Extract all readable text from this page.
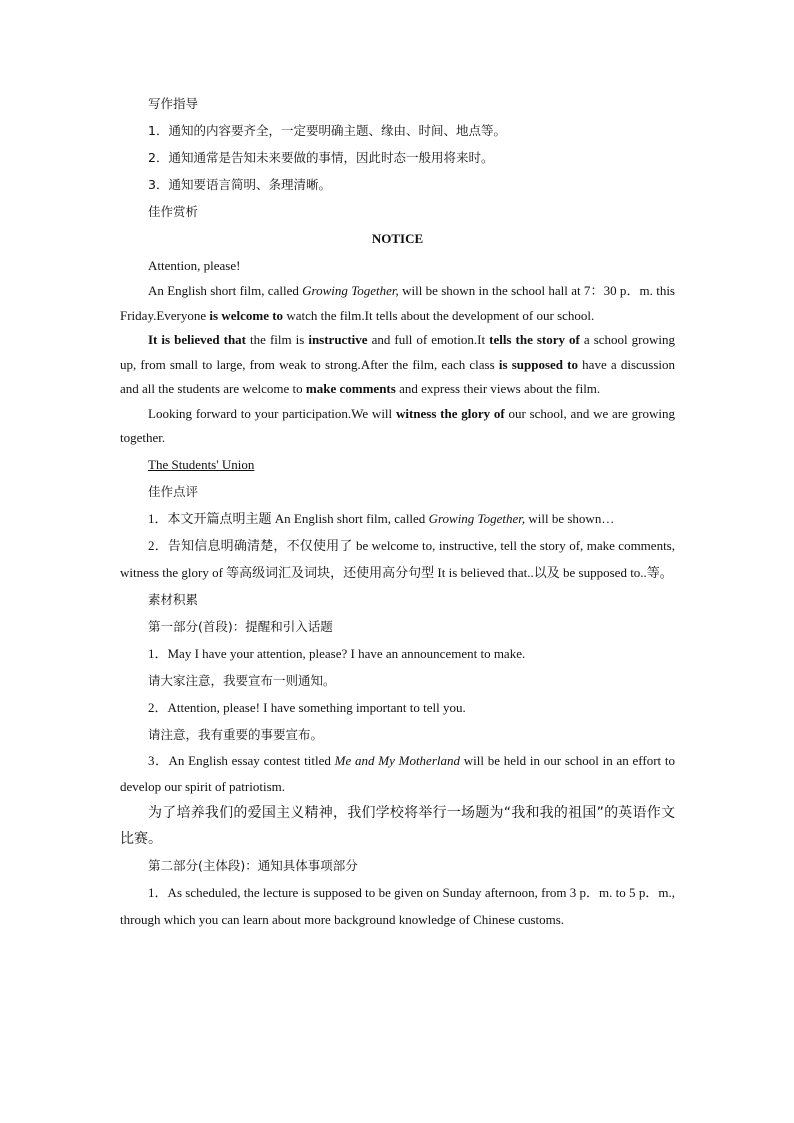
写作指导

1．通知的内容要齐全，一定要明确主题、缘由、时间、地点等。

2．通知通常是告知未来要做的事情，因此时态一般用将来时。

3．通知要语言简明、条理清晰。

佳作赏析

NOTICE

Attention, please!

An English short film, called Growing Together, will be shown in the school hall at 7：30 p．m. this Friday.Everyone is welcome to watch the film.It tells about the development of our school.

It is believed that the film is instructive and full of emotion.It tells the story of a school growing up, from small to large, from weak to strong.After the film, each class is supposed to have a discussion and all the students are welcome to make comments and express their views about the film.

Looking forward to your participation.We will witness the glory of our school, and we are growing together.

The Students' Union

佳作点评

1．本文开篇点明主题 An English short film, called Growing Together, will be shown…

2．告知信息明确清楚，不仅使用了 be welcome to, instructive, tell the story of, make comments, witness the glory of 等高级词汇及词块，还使用高分句型 It is believed that..以及 be supposed to..等。

素材积累

第一部分(首段)：提醒和引入话题

1．May I have your attention, please? I have an announcement to make.

请大家注意，我要宣布一则通知。

2．Attention, please! I have something important to tell you.

请注意，我有重要的事要宣布。

3．An English essay contest titled Me and My Motherland will be held in our school in an effort to develop our spirit of patriotism.

为了培养我们的爱国主义精神，我们学校将举行一场题为“我和我的祖国”的英语作文比赛。

第二部分(主体段)：通知具体事项部分

1．As scheduled, the lecture is supposed to be given on Sunday afternoon, from 3 p．m. to 5 p．m., through which you can learn about more background knowledge of Chinese customs.
